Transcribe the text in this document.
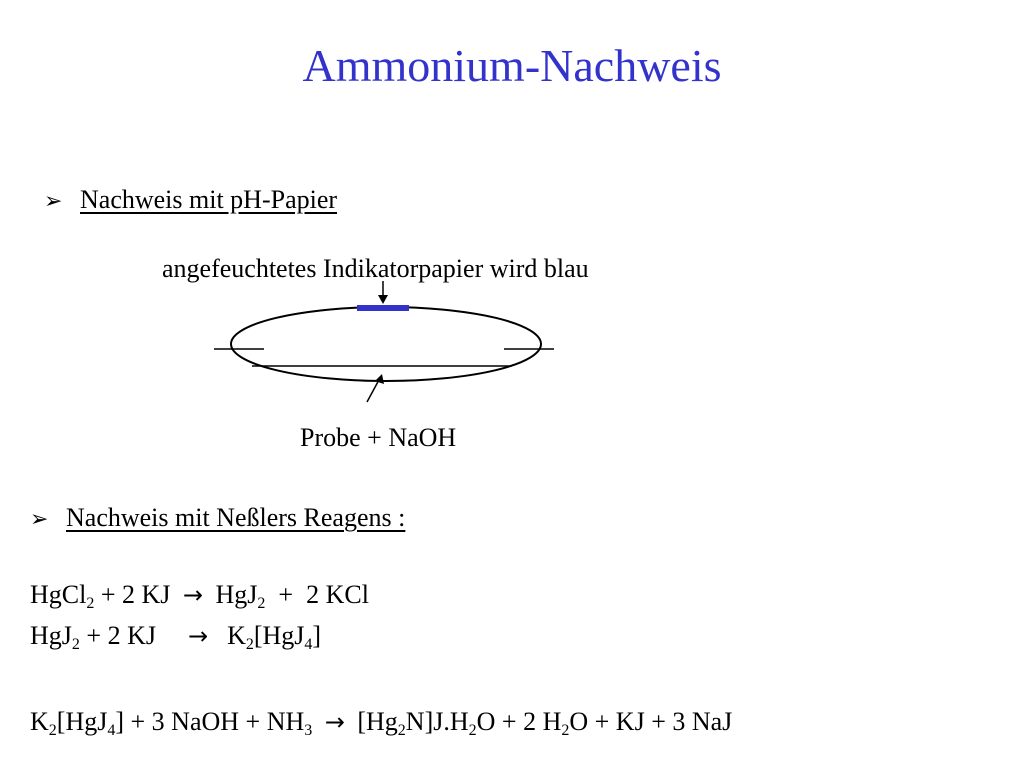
Ammonium-Nachweis
➢ Nachweis mit pH-Papier
angefeuchtetes Indikatorpapier wird blau
Probe + NaOH
➢ Nachweis mit Neßlers Reagens :
HgCl$_2$ + 2 KJ → HgJ$_2$  +  2 KCl
HgJ$_2$ + 2 KJ → $K_2[HgJ_4]$
$K_2[HgJ_4] + 3$ NaOH + $NH_3 \to [Hg_2N]J.H_2O + 2$ $H_2O$ + KJ + 3 NaJ
